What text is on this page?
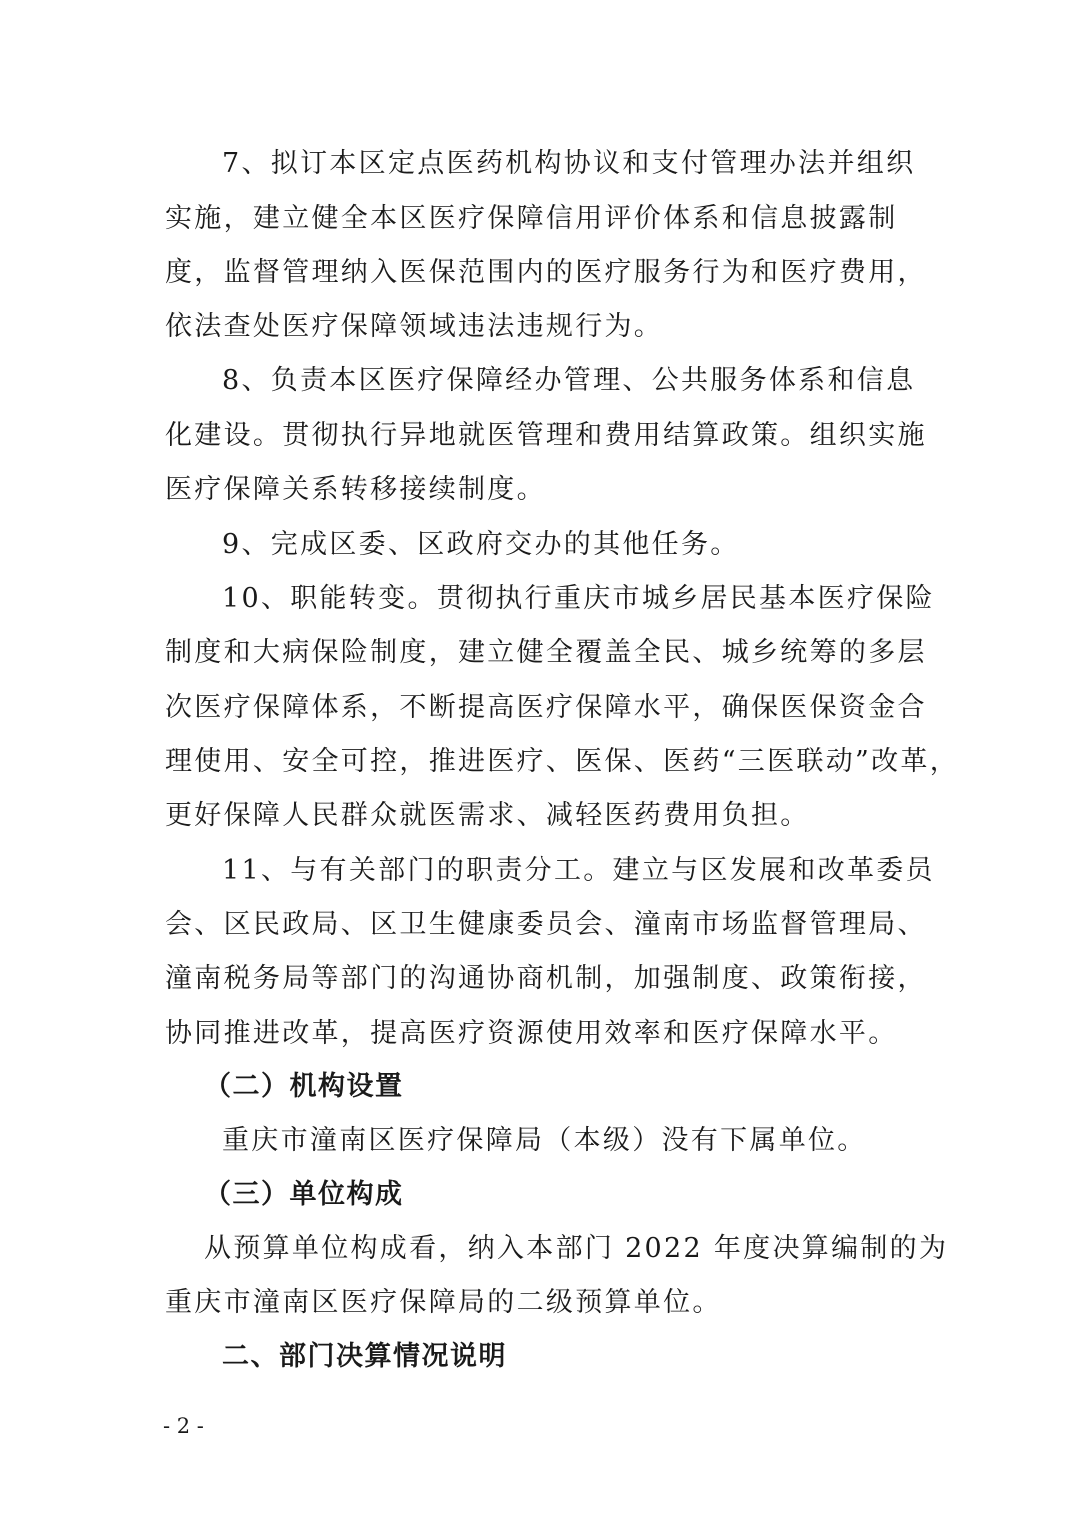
7、拟订本区定点医药机构协议和支付管理办法并组织
实施，建立健全本区医疗保障信用评价体系和信息披露制
度，监督管理纳入医保范围内的医疗服务行为和医疗费用，
依法查处医疗保障领域违法违规行为。
8、负责本区医疗保障经办管理、公共服务体系和信息
化建设。贯彻执行异地就医管理和费用结算政策。组织实施
医疗保障关系转移接续制度。
9、完成区委、区政府交办的其他任务。
10、职能转变。贯彻执行重庆市城乡居民基本医疗保险
制度和大病保险制度，建立健全覆盖全民、城乡统筹的多层
次医疗保障体系，不断提高医疗保障水平，确保医保资金合
理使用、安全可控，推进医疗、医保、医药“三医联动”改革，
更好保障人民群众就医需求、减轻医药费用负担。
11、与有关部门的职责分工。建立与区发展和改革委员
会、区民政局、区卫生健康委员会、潼南市场监督管理局、
潼南税务局等部门的沟通协商机制，加强制度、政策衔接，
协同推进改革，提高医疗资源使用效率和医疗保障水平。
（二）机构设置
重庆市潼南区医疗保障局（本级）没有下属单位。
（三）单位构成
从预算单位构成看，纳入本部门 2022 年度决算编制的为
重庆市潼南区医疗保障局的二级预算单位。
二、部门决算情况说明
- 2 -
